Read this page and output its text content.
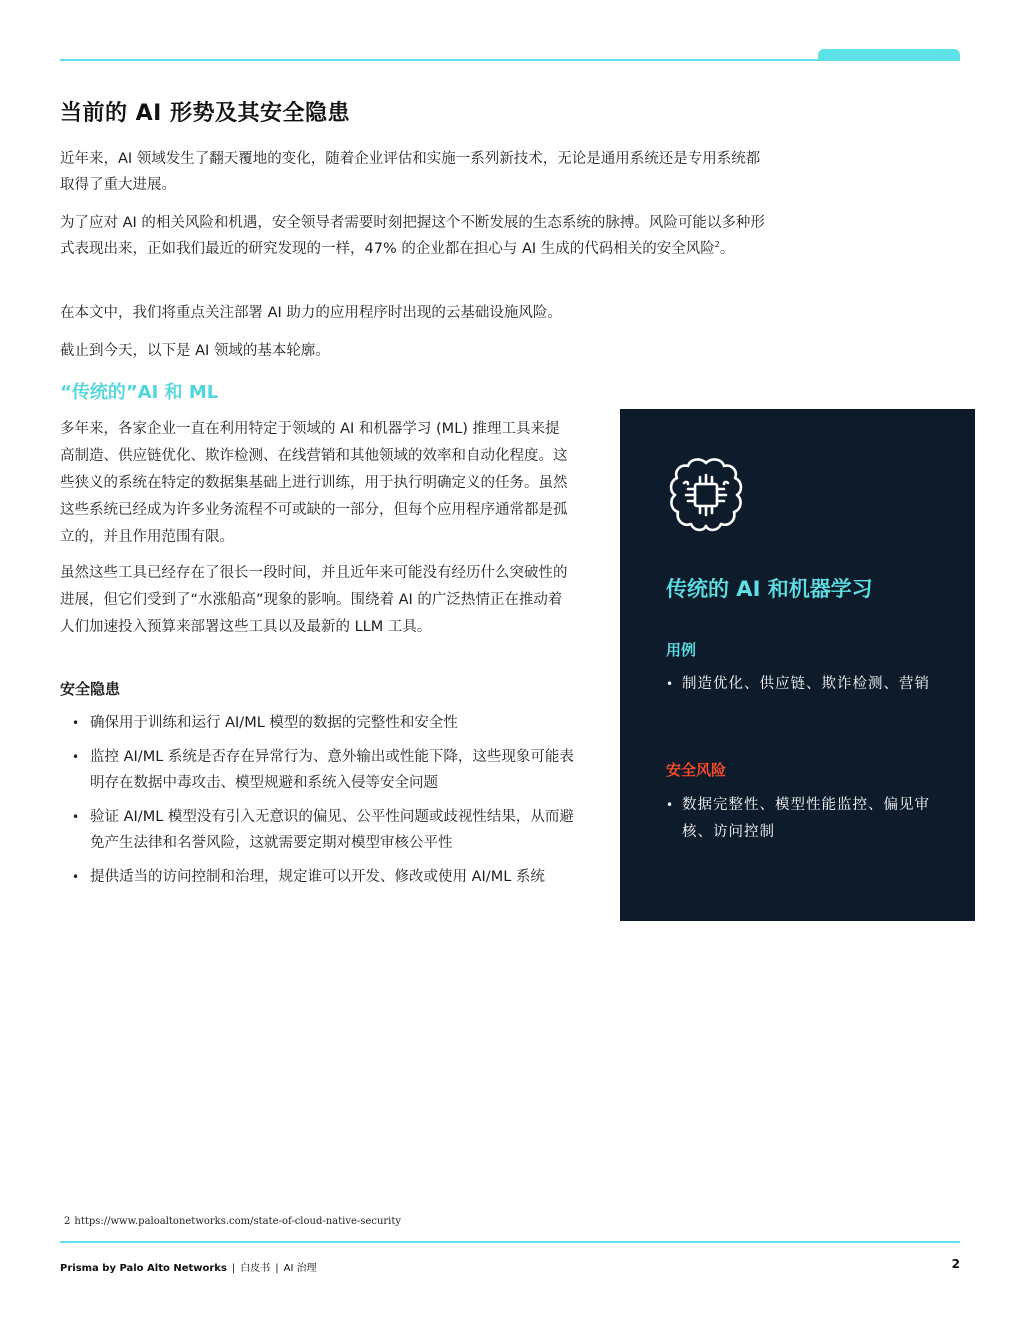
当前的 AI 形势及其安全隐患

近年来，AI 领域发生了翻天覆地的变化，随着企业评估和实施一系列新技术，无论是通用系统还是专用系统都取得了重大进展。

为了应对 AI 的相关风险和机遇，安全领导者需要时刻把握这个不断发展的生态系统的脉搏。风险可能以多种形式表现出来，正如我们最近的研究发现的一样，47% 的企业都在担心与 AI 生成的代码相关的安全风险$^2$。

在本文中，我们将重点关注部署 AI 助力的应用程序时出现的云基础设施风险。

截止到今天，以下是 AI 领域的基本轮廓。

“传统的”AI 和 ML

多年来，各家企业一直在利用特定于领域的 AI 和机器学习 (ML) 推理工具来提高制造、供应链优化、欺诈检测、在线营销和其他领域的效率和自动化程度。这些狭义的系统在特定的数据集基础上进行训练，用于执行明确定义的任务。虽然这些系统已经成为许多业务流程不可或缺的一部分，但每个应用程序通常都是孤立的，并且作用范围有限。

虽然这些工具已经存在了很长一段时间，并且近年来可能没有经历什么突破性的进展，但它们受到了“水涨船高”现象的影响。围绕着 AI 的广泛热情正在推动着人们加速投入预算来部署这些工具以及最新的 LLM 工具。

安全隐患
• 确保用于训练和运行 AI/ML 模型的数据的完整性和安全性
• 监控 AI/ML 系统是否存在异常行为、意外输出或性能下降，这些现象可能表明存在数据中毒攻击、模型规避和系统入侵等安全问题
• 验证 AI/ML 模型没有引入无意识的偏见、公平性问题或歧视性结果，从而避免产生法律和名誉风险，这就需要定期对模型审核公平性
• 提供适当的访问控制和治理，规定谁可以开发、修改或使用 AI/ML 系统
传统的 AI 和机器学习
用例
• 制造优化、供应链、欺诈检测、营销
安全风险
• 数据完整性、模型性能监控、偏见审核、访问控制
2 https://www.paloaltonetworks.com/state-of-cloud-native-security
Prisma by Palo Alto Networks | 白皮书 | AI 治理	2
